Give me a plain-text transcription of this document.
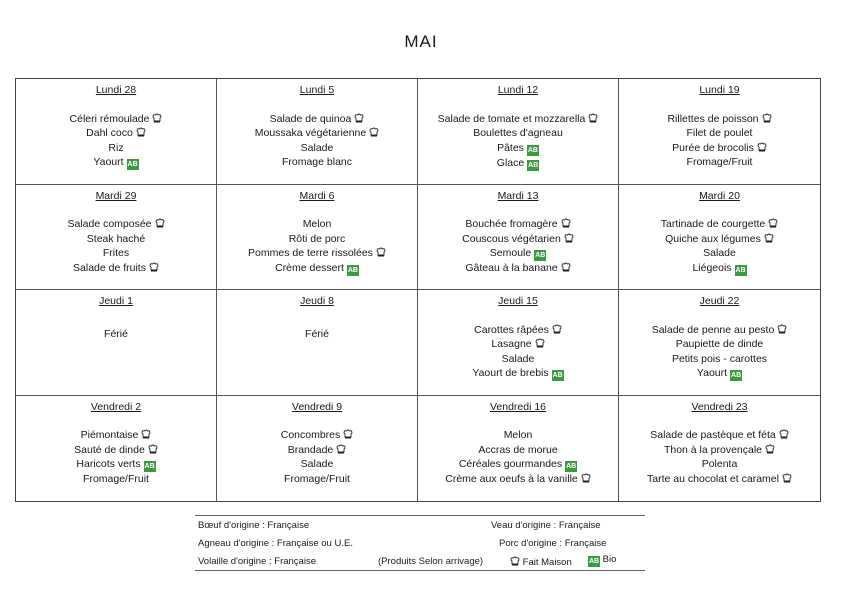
MAI
Lundi 28
Céleri rémoulade
Dahl coco
Riz
Yaourt AB
Lundi 5
Salade de quinoa
Moussaka végétarienne
Salade
Fromage blanc
Lundi 12
Salade de tomate et mozzarella
Boulettes d'agneau
Pâtes AB
Glace AB
Lundi 19
Rillettes de poisson
Filet de poulet
Purée de brocolis
Fromage/Fruit
Mardi 29
Salade composée
Steak haché
Frites
Salade de fruits
Mardi 6
Melon
Rôti de porc
Pommes de terre rissolées
Crème dessert AB
Mardi 13
Bouchée fromagère
Couscous végétarien
Semoule AB
Gâteau à la banane
Mardi 20
Tartinade de courgette
Quiche aux légumes
Salade
Liégeois AB
Jeudi 1
Férié
Jeudi 8
Férié
Jeudi 15
Carottes râpées
Lasagne
Salade
Yaourt de brebis AB
Jeudi 22
Salade de penne au pesto
Paupiette de dinde
Petits pois - carottes
Yaourt AB
Vendredi 2
Piémontaise
Sauté de dinde
Haricots verts AB
Fromage/Fruit
Vendredi 9
Concombres
Brandade
Salade
Fromage/Fruit
Vendredi 16
Melon
Accras de morue
Céréales gourmandes AB
Crème aux oeufs à la vanille
Vendredi 23
Salade de pastèque et féta
Thon à la provençale
Polenta
Tarte au chocolat et caramel
Bœuf d'origine : Française
Agneau d'origine : Française ou U.E.
Volaille d'origine : Française
Veau d'origine : Française
Porc d'origine : Française
(Produits Selon arrivage)	Fait Maison	AB Bio
